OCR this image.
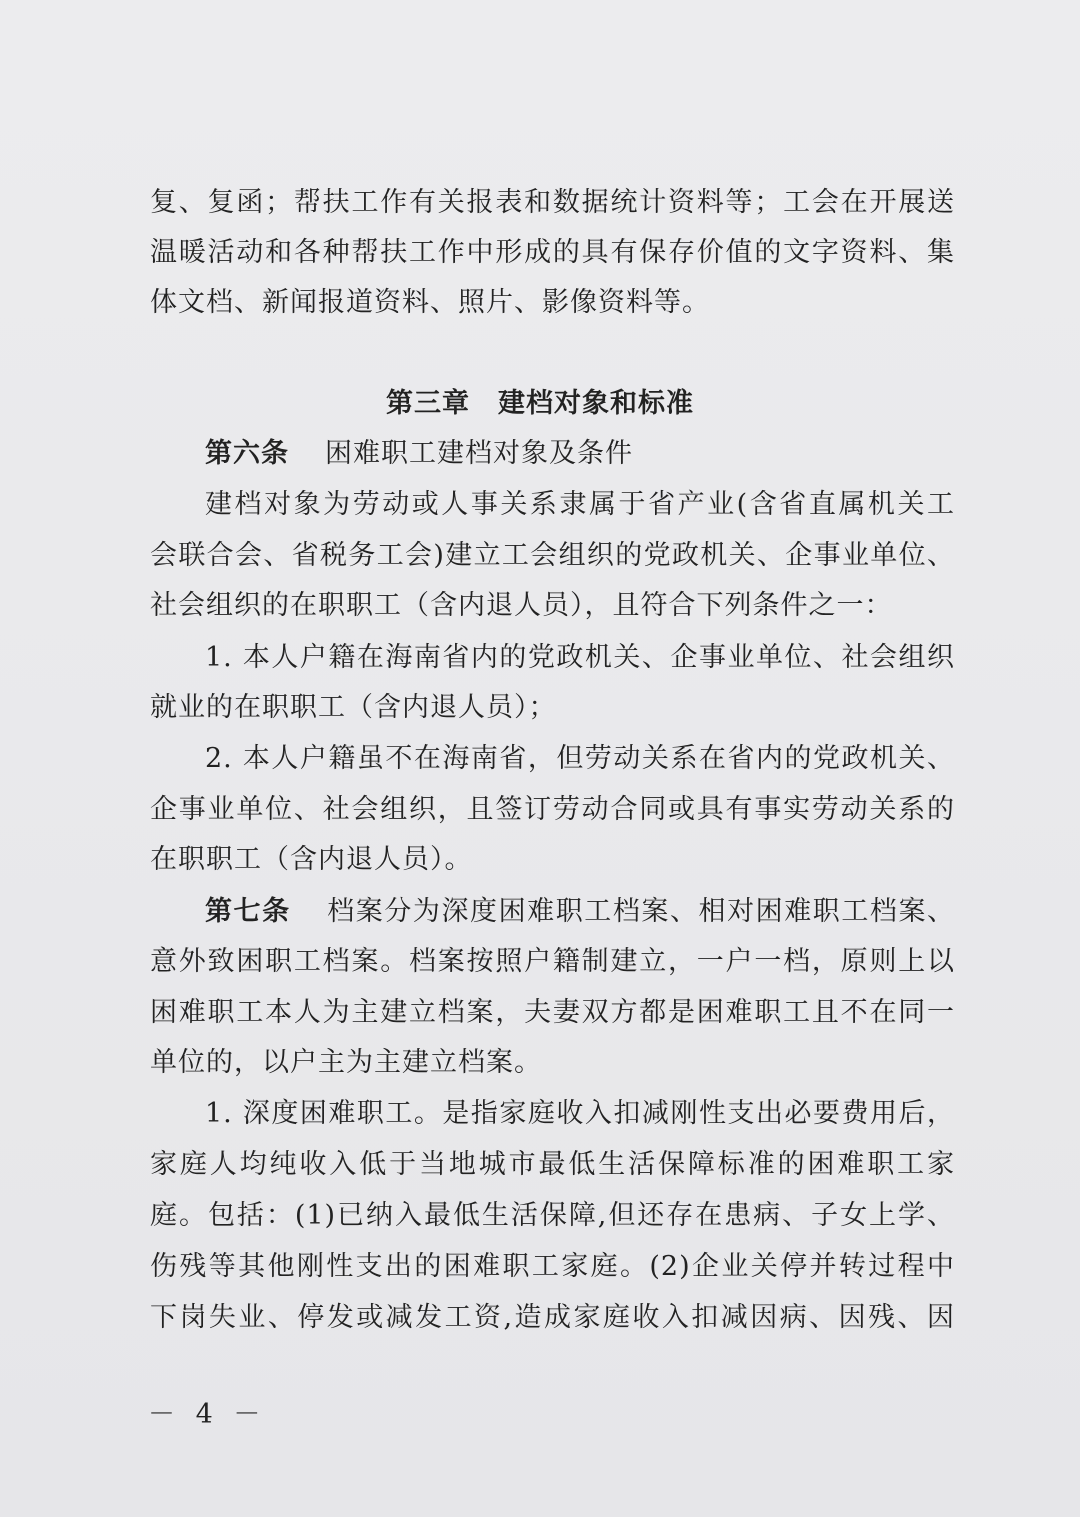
复、复函；帮扶工作有关报表和数据统计资料等；工会在开展送
温暖活动和各种帮扶工作中形成的具有保存价值的文字资料、集
体文档、新闻报道资料、照片、影像资料等。
第三章　建档对象和标准
第六条 困难职工建档对象及条件
建档对象为劳动或人事关系隶属于省产业(含省直属机关工
会联合会、省税务工会)建立工会组织的党政机关、企事业单位、
社会组织的在职职工（含内退人员），且符合下列条件之一：
1. 本人户籍在海南省内的党政机关、企事业单位、社会组织
就业的在职职工（含内退人员）；
2. 本人户籍虽不在海南省，但劳动关系在省内的党政机关、
企事业单位、社会组织，且签订劳动合同或具有事实劳动关系的
在职职工（含内退人员）。
第七条 档案分为深度困难职工档案、相对困难职工档案、
意外致困职工档案。档案按照户籍制建立，一户一档，原则上以
困难职工本人为主建立档案，夫妻双方都是困难职工且不在同一
单位的，以户主为主建立档案。
1. 深度困难职工。是指家庭收入扣减刚性支出必要费用后，
家庭人均纯收入低于当地城市最低生活保障标准的困难职工家
庭。包括：(1)已纳入最低生活保障,但还存在患病、子女上学、
伤残等其他刚性支出的困难职工家庭。(2)企业关停并转过程中
下岗失业、停发或减发工资,造成家庭收入扣减因病、因残、因
－ 4 －
